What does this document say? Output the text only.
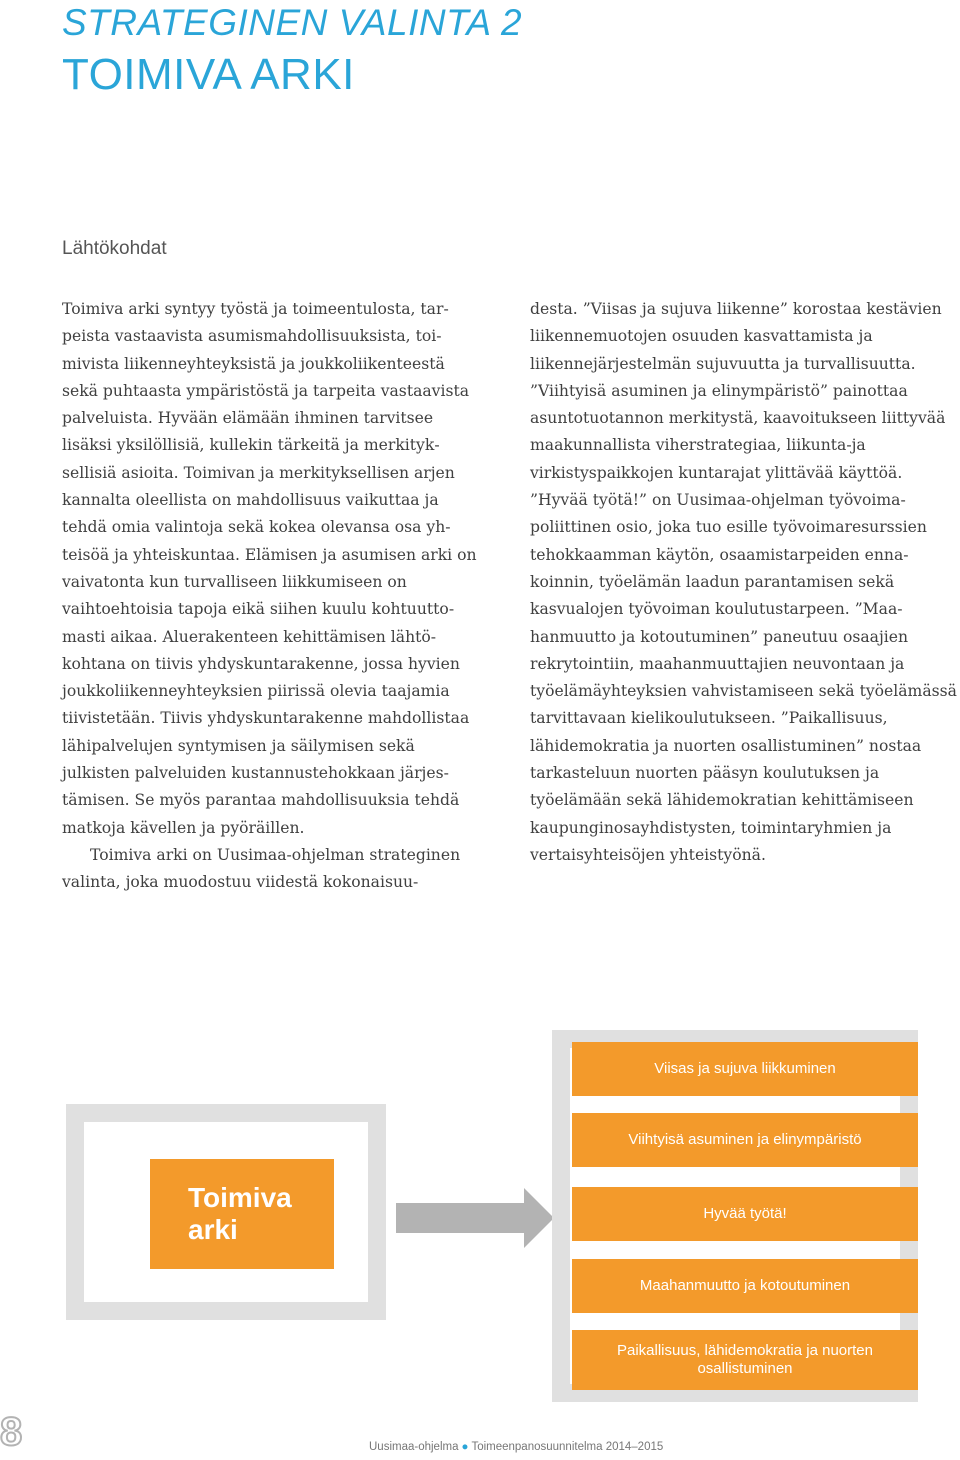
STRATEGINEN VALINTA 2
TOIMIVA ARKI
Lähtökohdat

Toimiva arki syntyy työstä ja toimeentulosta, tarpeista vastaavista asumismahdollisuuksista, toimivista liikenneyhteyksistä ja joukkoliikenteestä sekä puhtaasta ympäristöstä ja tarpeita vastaavista palveluista. Hyvään elämään ihminen tarvitsee lisäksi yksilöllisiä, kullekin tärkeitä ja merkityksellisiä asioita. Toimivan ja merkityksellisen arjen kannalta oleellista on mahdollisuus vaikuttaa ja tehdä omia valintoja sekä kokea olevansa osa yhteisöä ja yhteiskuntaa. Elämisen ja asumisen arki on vaivatonta kun turvalliseen liikkumiseen on vaihtoehtoisia tapoja eikä siihen kuulu kohtuuttomasti aikaa. Aluerakenteen kehittämisen lähtökohtana on tiivis yhdyskuntarakenne, jossa hyvien joukkoliikenneyhteyksien piirissä olevia taajamia tiivistetään. Tiivis yhdyskuntarakenne mahdollistaa lähipalvelujen syntymisen ja säilymisen sekä julkisten palveluiden kustannustehokkaan järjestämisen. Se myös parantaa mahdollisuuksia tehdä matkoja kävellen ja pyöräillen.

Toimiva arki on Uusimaa-ohjelman strateginen valinta, joka muodostuu viidestä kokonaisuu-

desta. ”Viisas ja sujuva liikenne” korostaa kestävien liikennemuotojen osuuden kasvattamista ja liikennejärjestelmän sujuvuutta ja turvallisuutta. ”Viihtyisä asuminen ja elinympäristö” painottaa asuntotuotannon merkitystä, kaavoitukseen liittyvää maakunnallista viherstrategiaa, liikunta-ja virkistyspaikkojen kuntarajat ylittävää käyttöä. ”Hyvää työtä!” on Uusimaa-ohjelman työvoimapoliittinen osio, joka tuo esille työvoimaresurssien tehokkaamman käytön, osaamistarpeiden ennakoinnin, työelämän laadun parantamisen sekä kasvualojen työvoiman koulutustarpeen. ”Maahanmuutto ja kotoutuminen” paneutuu osaajien rekrytointiin, maahanmuuttajien neuvontaan ja työelämäyhteyksien vahvistamiseen sekä työelämässä tarvittavaan kielikoulutukseen. ”Paikallisuus, lähidemokratia ja nuorten osallistuminen” nostaa tarkasteluun nuorten pääsyn koulutuksen ja työelämään sekä lähidemokratian kehittämiseen kaupunginosayhdistysten, toimintaryhmien ja vertaisyhteisöjen yhteistyönä.

Toimiva arki
Viisas ja sujuva liikkuminen
Viihtyisä asuminen ja elinympäristö
Hyvää työtä!
Maahanmuutto ja kotoutuminen
Paikallisuus, lähidemokratia ja nuorten osallistuminen
8	Uusimaa-ohjelma ● Toimeenpanosuunnitelma 2014–2015
